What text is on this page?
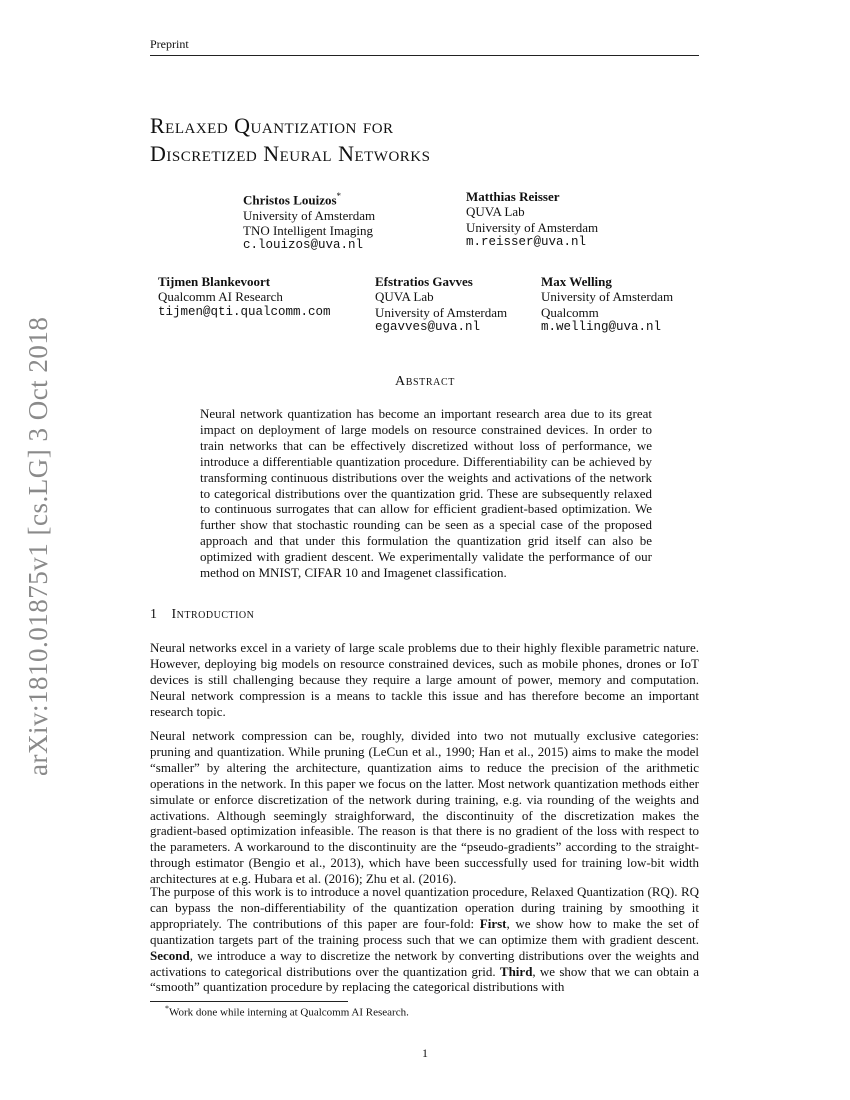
Preprint
arXiv:1810.01875v1 [cs.LG] 3 Oct 2018
Relaxed Quantization for
Discretized Neural Networks
Christos Louizos*
University of Amsterdam
TNO Intelligent Imaging
c.louizos@uva.nl
Matthias Reisser
QUVA Lab
University of Amsterdam
m.reisser@uva.nl
Tijmen Blankevoort
Qualcomm AI Research
tijmen@qti.qualcomm.com
Efstratios Gavves
QUVA Lab
University of Amsterdam
egavves@uva.nl
Max Welling
University of Amsterdam
Qualcomm
m.welling@uva.nl
Abstract
Neural network quantization has become an important research area due to its great impact on deployment of large models on resource constrained devices. In order to train networks that can be effectively discretized without loss of performance, we introduce a differentiable quantization procedure. Differentiability can be achieved by transforming continuous distributions over the weights and activations of the network to categorical distributions over the quantization grid. These are subsequently relaxed to continuous surrogates that can allow for efficient gradient-based optimization. We further show that stochastic rounding can be seen as a special case of the proposed approach and that under this formulation the quantization grid itself can also be optimized with gradient descent. We experimentally validate the performance of our method on MNIST, CIFAR 10 and Imagenet classification.
1 Introduction

Neural networks excel in a variety of large scale problems due to their highly flexible parametric nature. However, deploying big models on resource constrained devices, such as mobile phones, drones or IoT devices is still challenging because they require a large amount of power, memory and computation. Neural network compression is a means to tackle this issue and has therefore become an important research topic.

Neural network compression can be, roughly, divided into two not mutually exclusive categories: pruning and quantization. While pruning (LeCun et al., 1990; Han et al., 2015) aims to make the model “smaller” by altering the architecture, quantization aims to reduce the precision of the arithmetic operations in the network. In this paper we focus on the latter. Most network quantization methods either simulate or enforce discretization of the network during training, e.g. via rounding of the weights and activations. Although seemingly straighforward, the discontinuity of the discretization makes the gradient-based optimization infeasible. The reason is that there is no gradient of the loss with respect to the parameters. A workaround to the discontinuity are the “pseudo-gradients” according to the straight-through estimator (Bengio et al., 2013), which have been successfully used for training low-bit width architectures at e.g. Hubara et al. (2016); Zhu et al. (2016).

The purpose of this work is to introduce a novel quantization procedure, Relaxed Quantization (RQ). RQ can bypass the non-differentiability of the quantization operation during training by smoothing it appropriately. The contributions of this paper are four-fold: First, we show how to make the set of quantization targets part of the training process such that we can optimize them with gradient descent. Second, we introduce a way to discretize the network by converting distributions over the weights and activations to categorical distributions over the quantization grid. Third, we show that we can obtain a “smooth” quantization procedure by replacing the categorical distributions with

*Work done while interning at Qualcomm AI Research.
1
